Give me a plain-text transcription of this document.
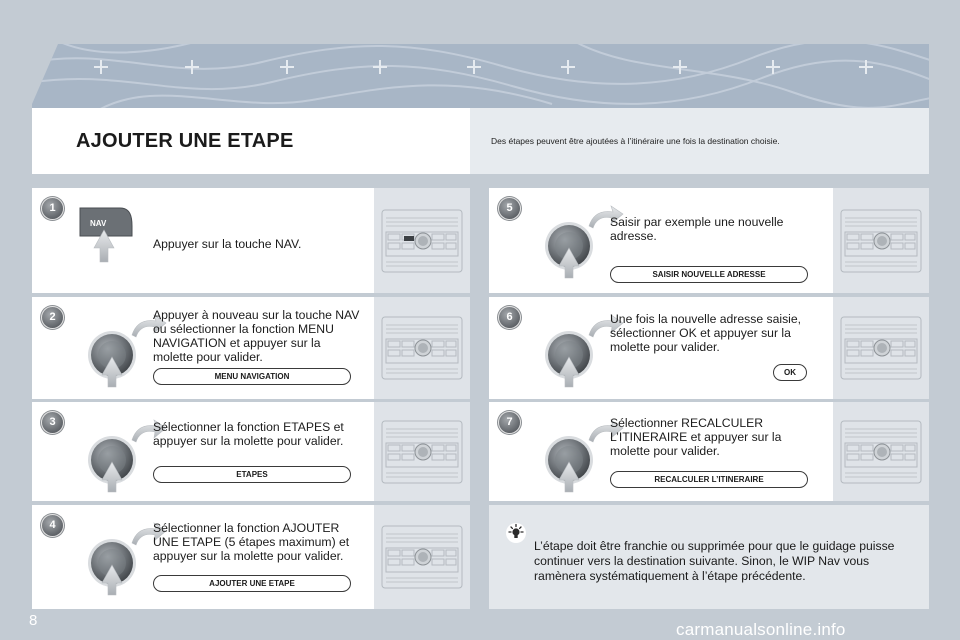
AJOUTER UNE ETAPE	Des étapes peuvent être ajoutées à l’itinéraire une fois la destination choisie.
1
NAV
Appuyer sur la touche NAV.
2	Appuyer à nouveau sur la touche NAV ou sélectionner la fonction MENU NAVIGATION et appuyer sur la molette pour valider.
MENU NAVIGATION
3	Sélectionner la fonction ETAPES et appuyer sur la molette pour valider.
ETAPES
4	Sélectionner la fonction AJOUTER UNE ETAPE (5 étapes maximum) et appuyer sur la molette pour valider.
AJOUTER UNE ETAPE
5
Saisir par exemple une nouvelle adresse.
SAISIR NOUVELLE ADRESSE
6	Une fois la nouvelle adresse saisie, sélectionner OK et appuyer sur la molette pour valider.
OK
7	Sélectionner RECALCULER L’ITINERAIRE et appuyer sur la molette pour valider.
RECALCULER L’ITINERAIRE
L’étape doit être franchie ou supprimée pour que le guidage puisse continuer vers la destination suivante. Sinon, le WIP Nav vous ramènera systématiquement à l’étape précédente.
8	carmanualsonline.info
